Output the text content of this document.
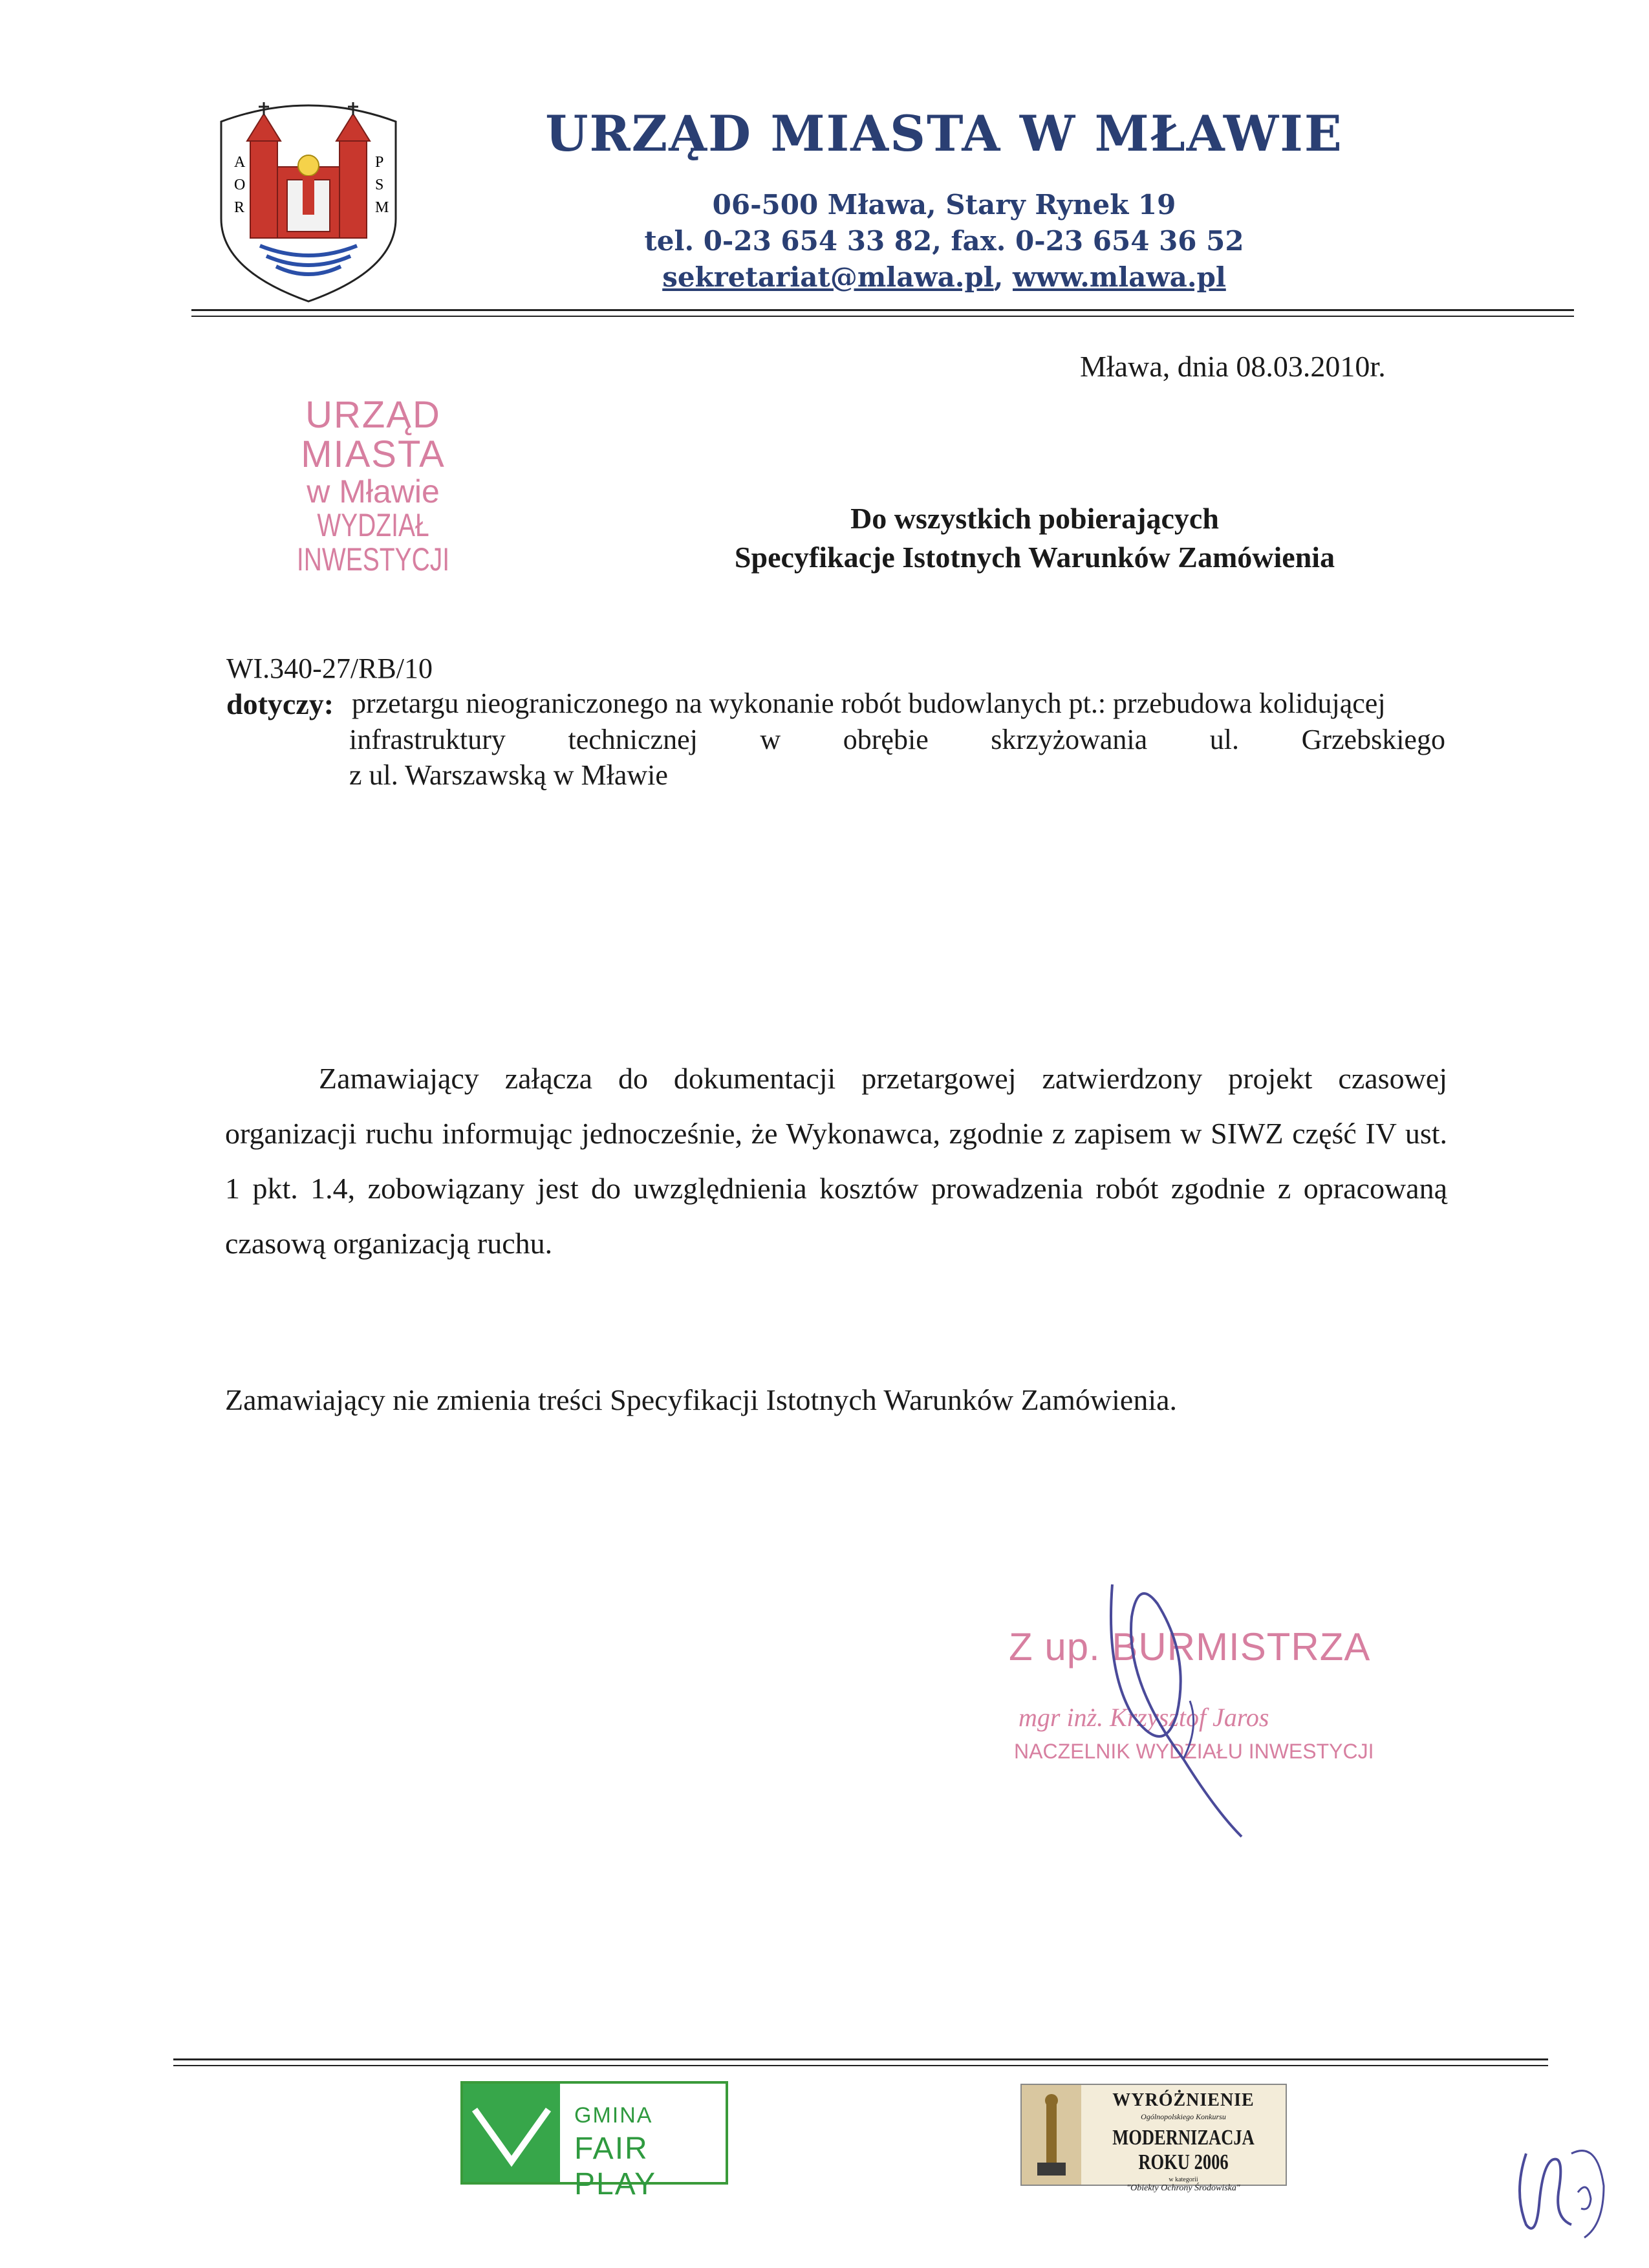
A
O
R
P
S
M
URZĄD MIASTA W MŁAWIE
06-500 Mława, Stary Rynek 19
tel. 0-23 654 33 82, fax. 0-23 654 36 52
sekretariat@mlawa.pl, www.mlawa.pl
URZĄD MIASTA
w Mławie
WYDZIAŁ INWESTYCJI
Mława, dnia 08.03.2010r.
Do wszystkich pobierających
Specyfikacje Istotnych Warunków Zamówienia
WI.340-27/RB/10
dotyczy: przetargu nieograniczonego na wykonanie robót budowlanych pt.: przebudowa kolidującej
infrastruktury technicznej w obrębie skrzyżowania ul. Grzebskiego
z ul. Warszawską w Mławie
Zamawiający załącza do dokumentacji przetargowej zatwierdzony projekt czasowej organizacji ruchu informując jednocześnie, że Wykonawca, zgodnie z zapisem w SIWZ część IV ust. 1 pkt. 1.4, zobowiązany jest do uwzględnienia kosztów prowadzenia robót zgodnie z opracowaną czasową organizacją ruchu.
Zamawiający nie zmienia treści Specyfikacji Istotnych Warunków Zamówienia.
Z up. BURMISTRZA
mgr inż. Krzysztof Jaros
NACZELNIK WYDZIAŁU INWESTYCJI
GMINA
FAIR PLAY
WYRÓŻNIENIE
Ogólnopolskiego Konkursu
MODERNIZACJA ROKU 2006
w kategorii
"Obiekty Ochrony Środowiska"
